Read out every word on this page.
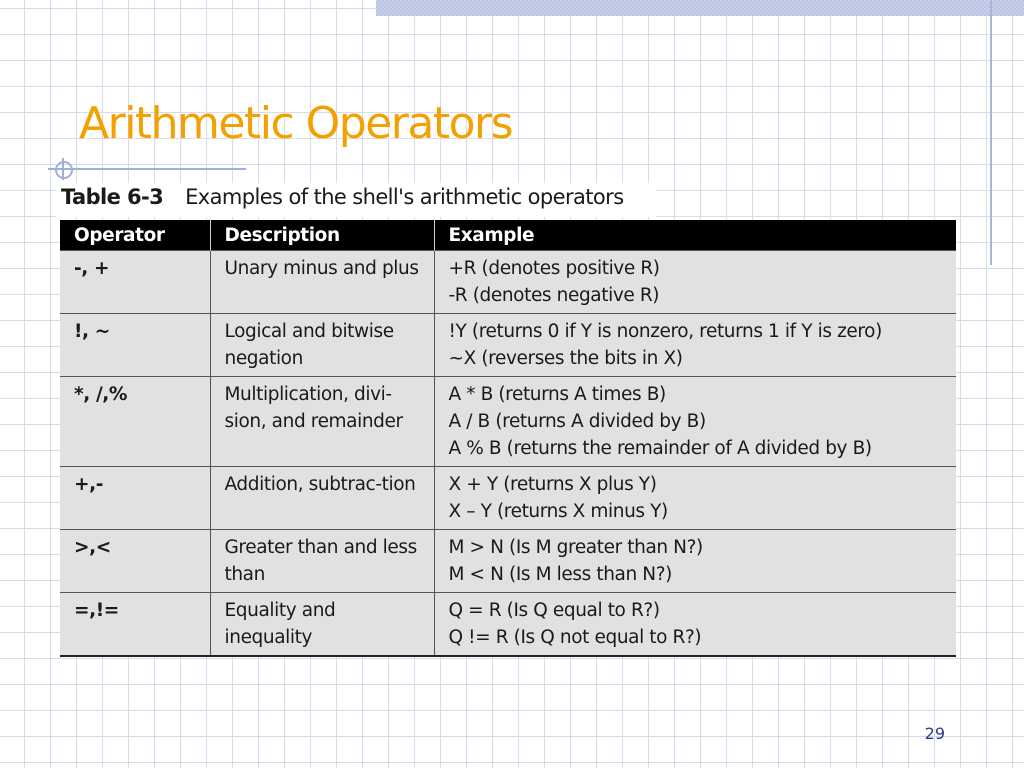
Arithmetic Operators

Table 6-3 Examples of the shell's arithmetic operators

Operator	Description	Example
-, +	Unary minus and plus	+R (denotes positive R)
-R (denotes negative R)

!, ~	Logical and bitwise negation	!Y (returns 0 if Y is nonzero, returns 1 if Y is zero)
~X (reverses the bits in X)

*, /,%	Multiplication, divi-sion, and remainder	A * B (returns A times B)
A / B (returns A divided by B)
A % B (returns the remainder of A divided by B)

+,-	Addition, subtrac-tion	X + Y (returns X plus Y)
X – Y (returns X minus Y)

>,<	Greater than and less than	M > N (Is M greater than N?)
M < N (Is M less than N?)

=,!=	Equality and inequality	Q = R (Is Q equal to R?)
Q != R (Is Q not equal to R?)
29
